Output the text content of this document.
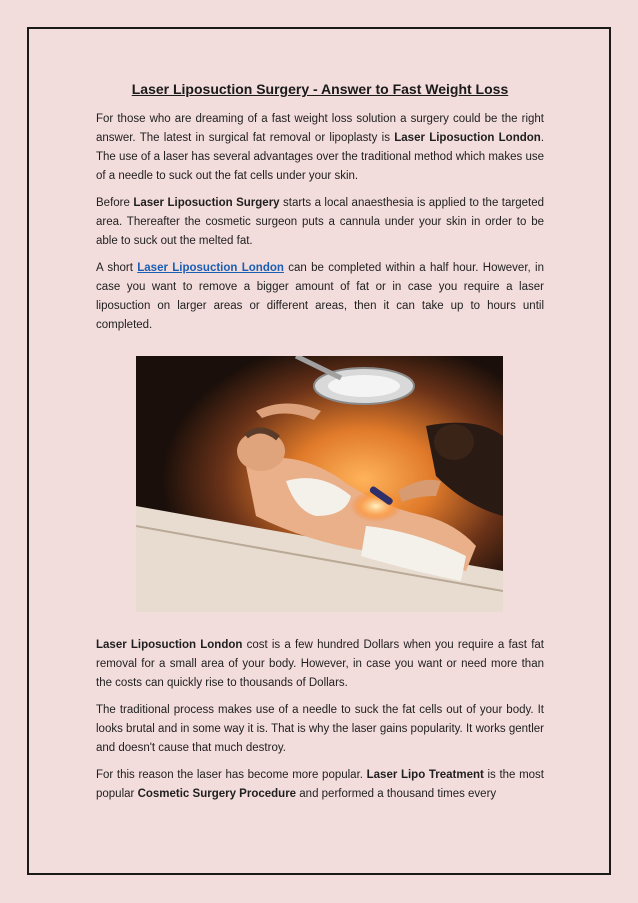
Laser Liposuction Surgery - Answer to Fast Weight Loss

For those who are dreaming of a fast weight loss solution a surgery could be the right answer. The latest in surgical fat removal or lipoplasty is Laser Liposuction London. The use of a laser has several advantages over the traditional method which makes use of a needle to suck out the fat cells under your skin.

Before Laser Liposuction Surgery starts a local anaesthesia is applied to the targeted area. Thereafter the cosmetic surgeon puts a cannula under your skin in order to be able to suck out the melted fat.

A short Laser Liposuction London can be completed within a half hour. However, in case you want to remove a bigger amount of fat or in case you require a laser liposuction on larger areas or different areas, then it can take up to hours until completed.

Laser Liposuction London cost is a few hundred Dollars when you require a fast fat removal for a small area of your body. However, in case you want or need more than the costs can quickly rise to thousands of Dollars.

The traditional process makes use of a needle to suck the fat cells out of your body. It looks brutal and in some way it is. That is why the laser gains popularity. It works gentler and doesn't cause that much destroy.

For this reason the laser has become more popular. Laser Lipo Treatment is the most popular Cosmetic Surgery Procedure and performed a thousand times every
